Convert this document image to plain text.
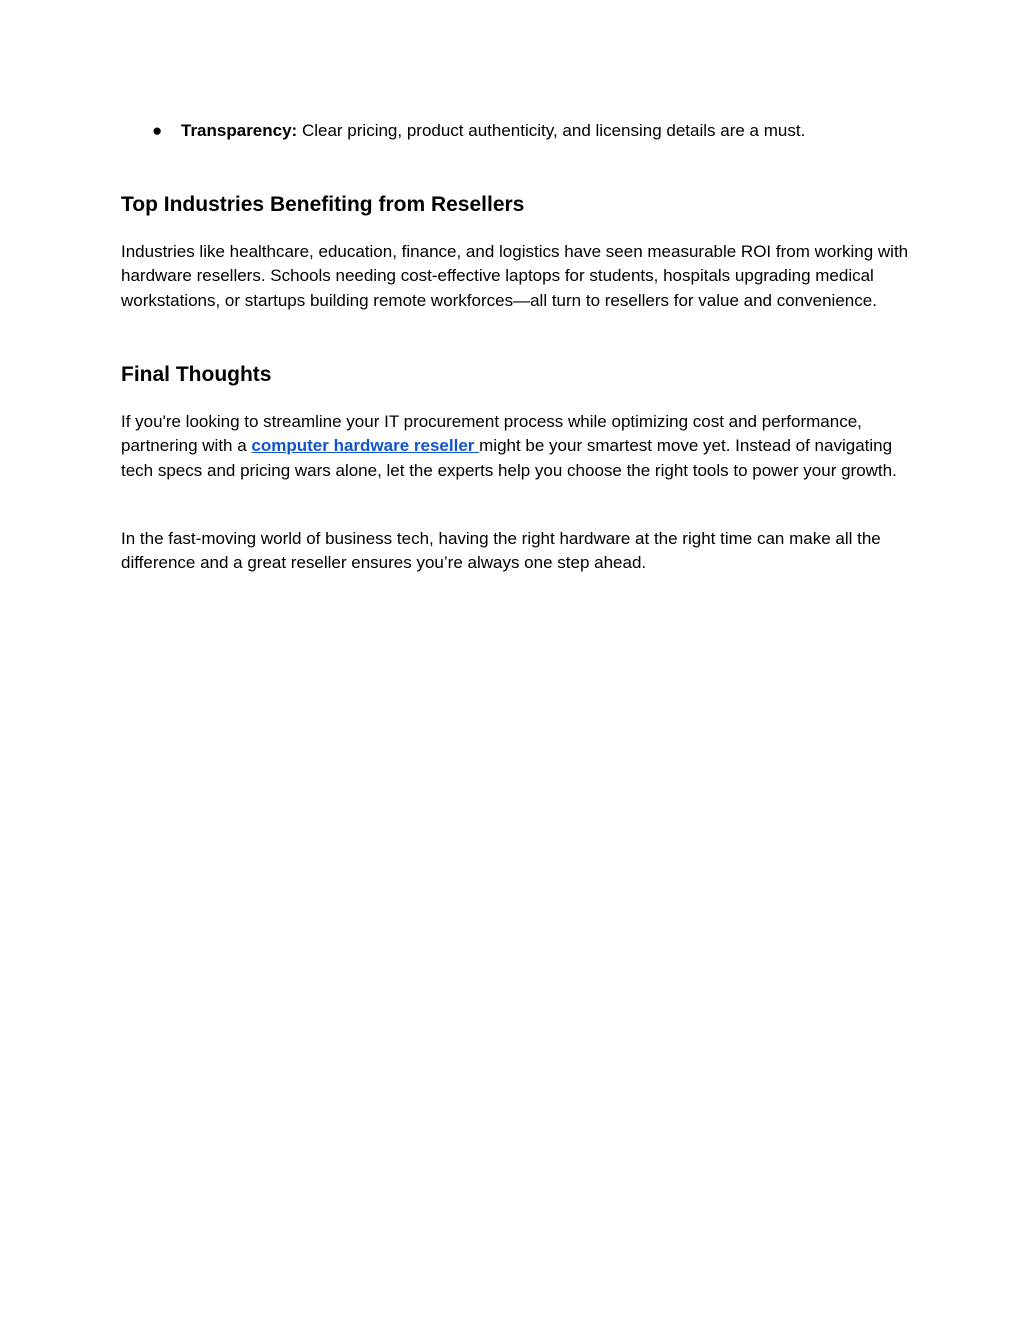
● Transparency: Clear pricing, product authenticity, and licensing details are a must.
Top Industries Benefiting from Resellers

Industries like healthcare, education, finance, and logistics have seen measurable ROI from working with hardware resellers. Schools needing cost-effective laptops for students, hospitals upgrading medical workstations, or startups building remote workforces—all turn to resellers for value and convenience.

Final Thoughts

If you're looking to streamline your IT procurement process while optimizing cost and performance, partnering with a computer hardware reseller might be your smartest move yet. Instead of navigating tech specs and pricing wars alone, let the experts help you choose the right tools to power your growth.

In the fast-moving world of business tech, having the right hardware at the right time can make all the difference and a great reseller ensures you’re always one step ahead.
